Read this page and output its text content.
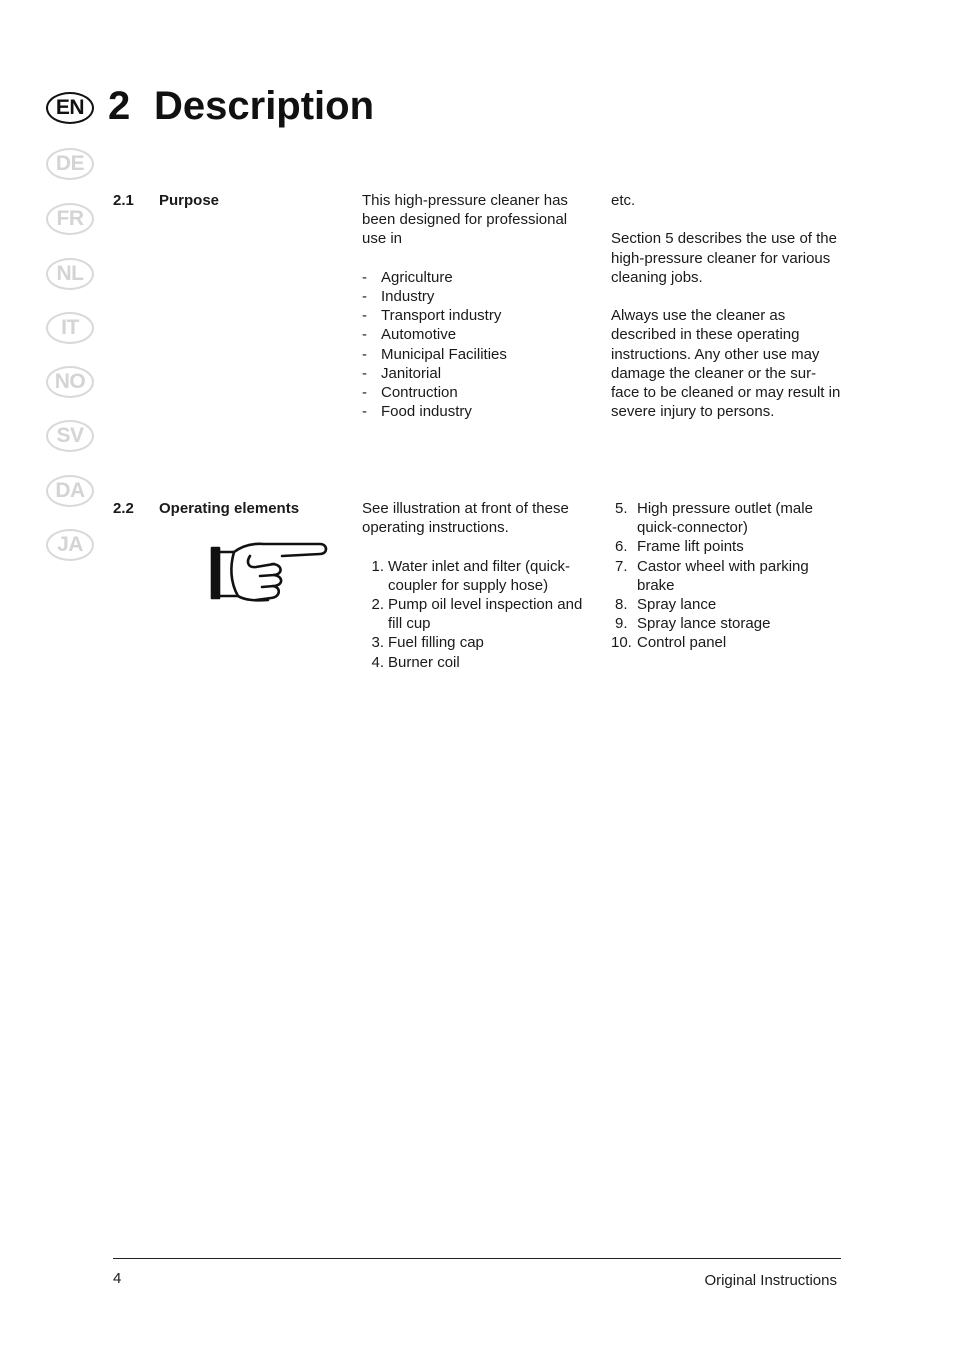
EN
DE
FR
NL
IT
NO
SV
DA
JA
2 Description
2.1 Purpose	This high-pressure cleaner has been designed for professional use in

- Agriculture
- Industry
- Transport industry
- Automotive
- Municipal Facilities
- Janitorial
- Contruction
- Food industry

etc.

Section 5 describes the use of the high-pressure cleaner for various cleaning jobs.

Always use the cleaner as described in these operating instructions. Any other use may damage the cleaner or the sur-face to be cleaned or may result in severe injury to persons.

2.2 Operating elements	See illustration at front of these operating instructions.

1. Water inlet and filter (quick-coupler for supply hose)
2. Pump oil level inspection and fill cup
3. Fuel filling cap
4. Burner coil
5. High pressure outlet (male quick-connector)
6. Frame lift points
7. Castor wheel with parking brake
8. Spray lance
9. Spray lance storage
10. Control panel
4	Original Instructions
